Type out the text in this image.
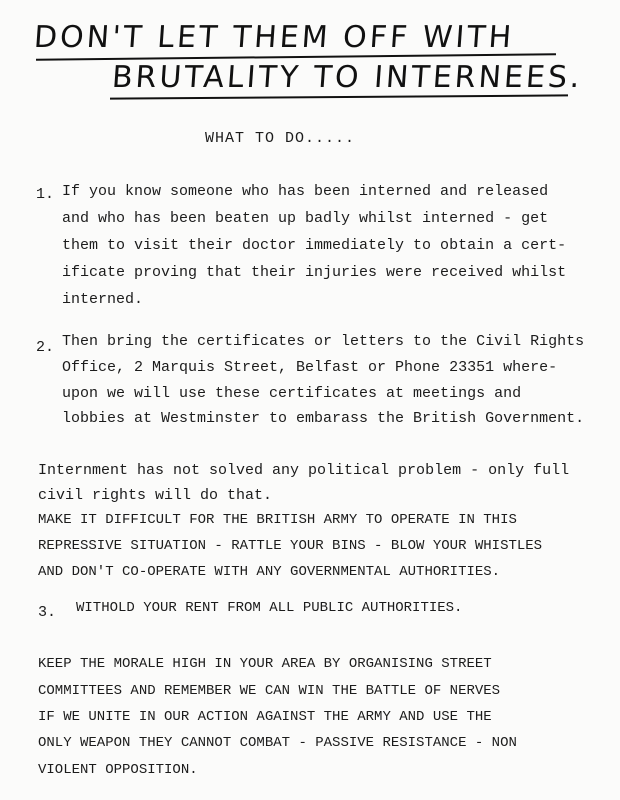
DON'T LET THEM OFF WITH
BRUTALITY TO INTERNEES.
WHAT TO DO.....
1. If you know someone who has been interned and released
and who has been beaten up badly whilst interned - get
them to visit their doctor immediately to obtain a cert-
ificate proving that their injuries were received whilst
interned.
2. Then bring the certificates or letters to the Civil Rights
Office, 2 Marquis Street, Belfast or Phone 23351 where-
upon we will use these certificates at meetings and
lobbies at Westminster to embarass the British Government.
Internment has not solved any political problem - only full
civil rights will do that.
MAKE IT DIFFICULT FOR THE BRITISH ARMY TO OPERATE IN THIS
REPRESSIVE SITUATION - RATTLE YOUR BINS - BLOW YOUR WHISTLES
AND DON'T CO-OPERATE WITH ANY GOVERNMENTAL AUTHORITIES.
3. WITHOLD YOUR RENT FROM ALL PUBLIC AUTHORITIES.
KEEP THE MORALE HIGH IN YOUR AREA BY ORGANISING STREET
COMMITTEES AND REMEMBER WE CAN WIN THE BATTLE OF NERVES
IF WE UNITE IN OUR ACTION AGAINST THE ARMY AND USE THE
ONLY WEAPON THEY CANNOT COMBAT - PASSIVE RESISTANCE - NON
VIOLENT OPPOSITION.
